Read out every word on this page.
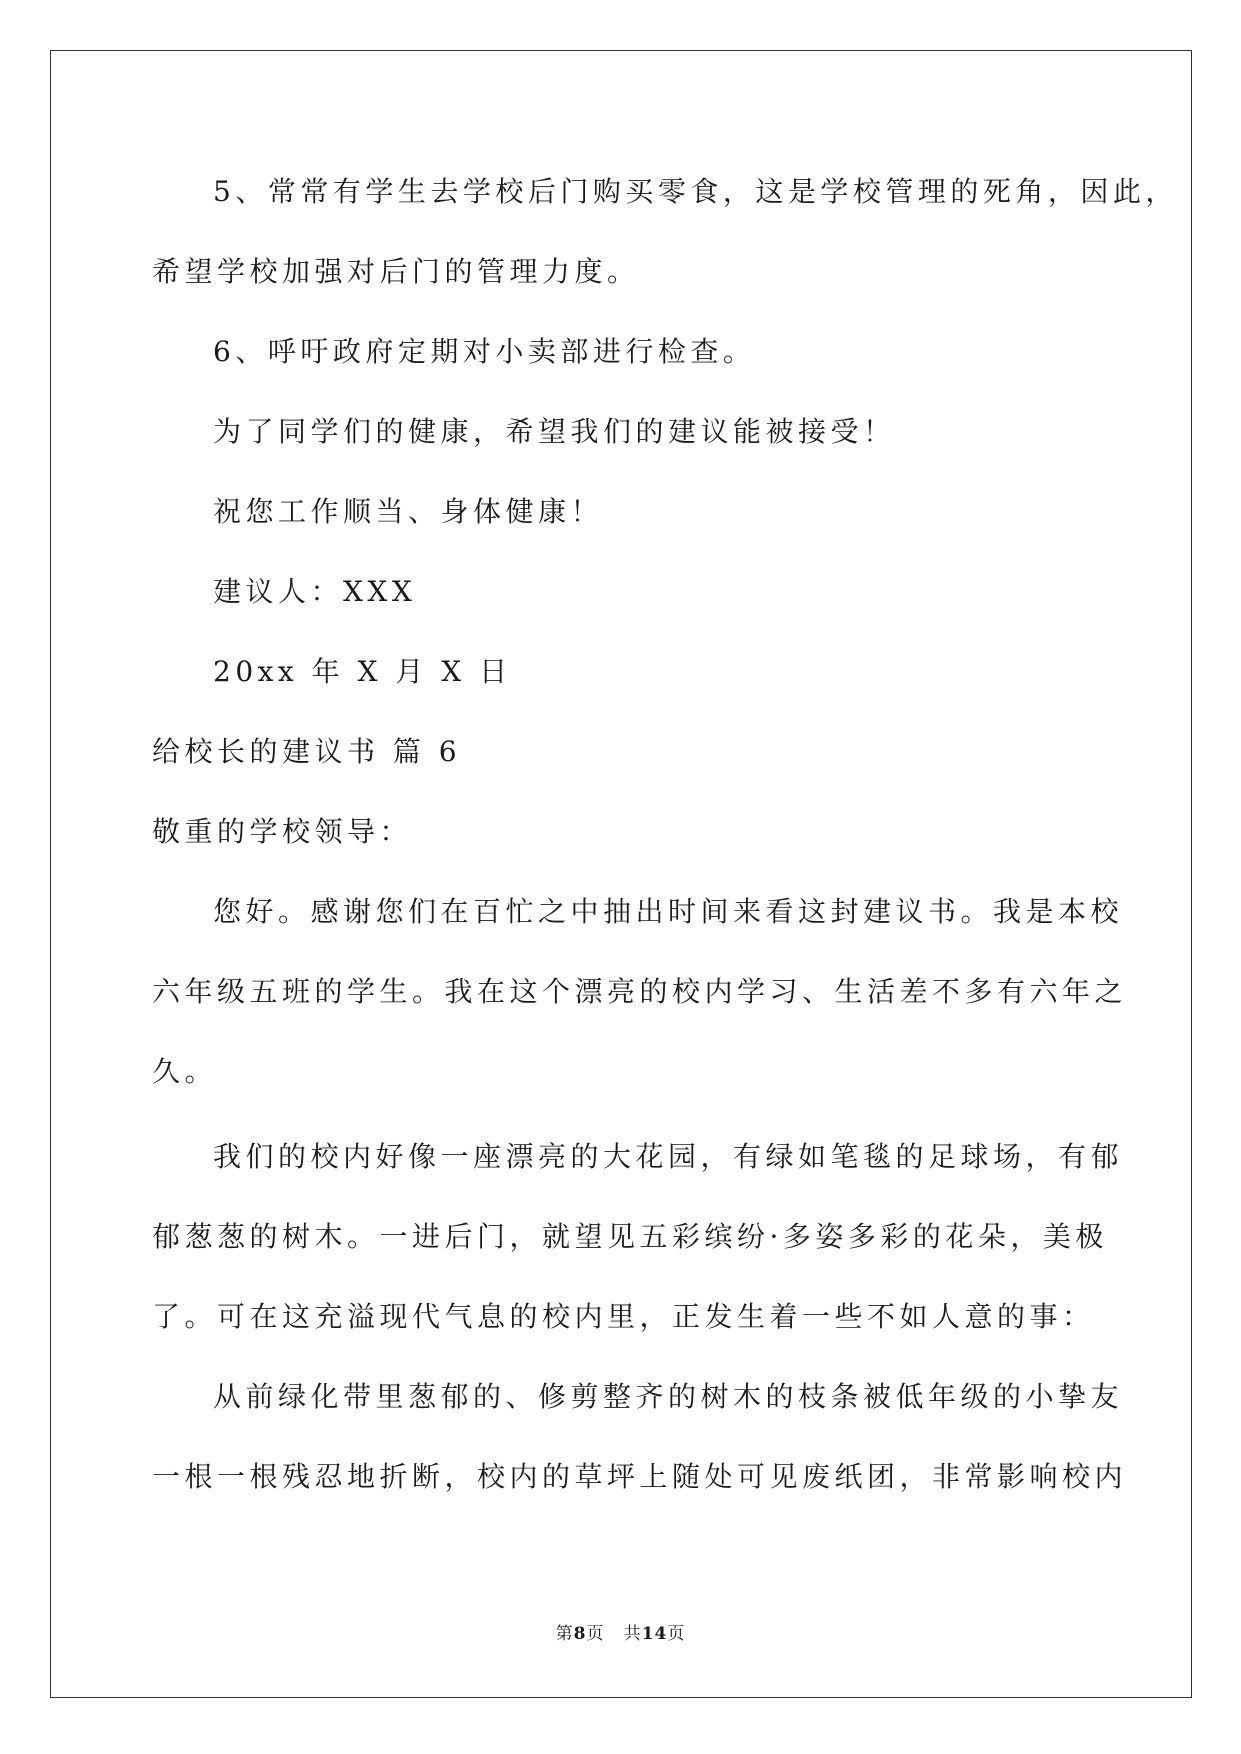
5、常常有学生去学校后门购买零食，这是学校管理的死角，因此，
希望学校加强对后门的管理力度。
6、呼吁政府定期对小卖部进行检查。
为了同学们的健康，希望我们的建议能被接受！
祝您工作顺当、身体健康！
建议人：XXX
20xx 年 X 月 X 日
给校长的建议书 篇 6
敬重的学校领导：
您好。感谢您们在百忙之中抽出时间来看这封建议书。我是本校
六年级五班的学生。我在这个漂亮的校内学习、生活差不多有六年之
久。
我们的校内好像一座漂亮的大花园，有绿如笔毯的足球场，有郁
郁葱葱的树木。一进后门，就望见五彩缤纷·多姿多彩的花朵，美极
了。可在这充溢现代气息的校内里，正发生着一些不如人意的事：
从前绿化带里葱郁的、修剪整齐的树木的枝条被低年级的小挚友
一根一根残忍地折断，校内的草坪上随处可见废纸团，非常影响校内
第8页 共14页
